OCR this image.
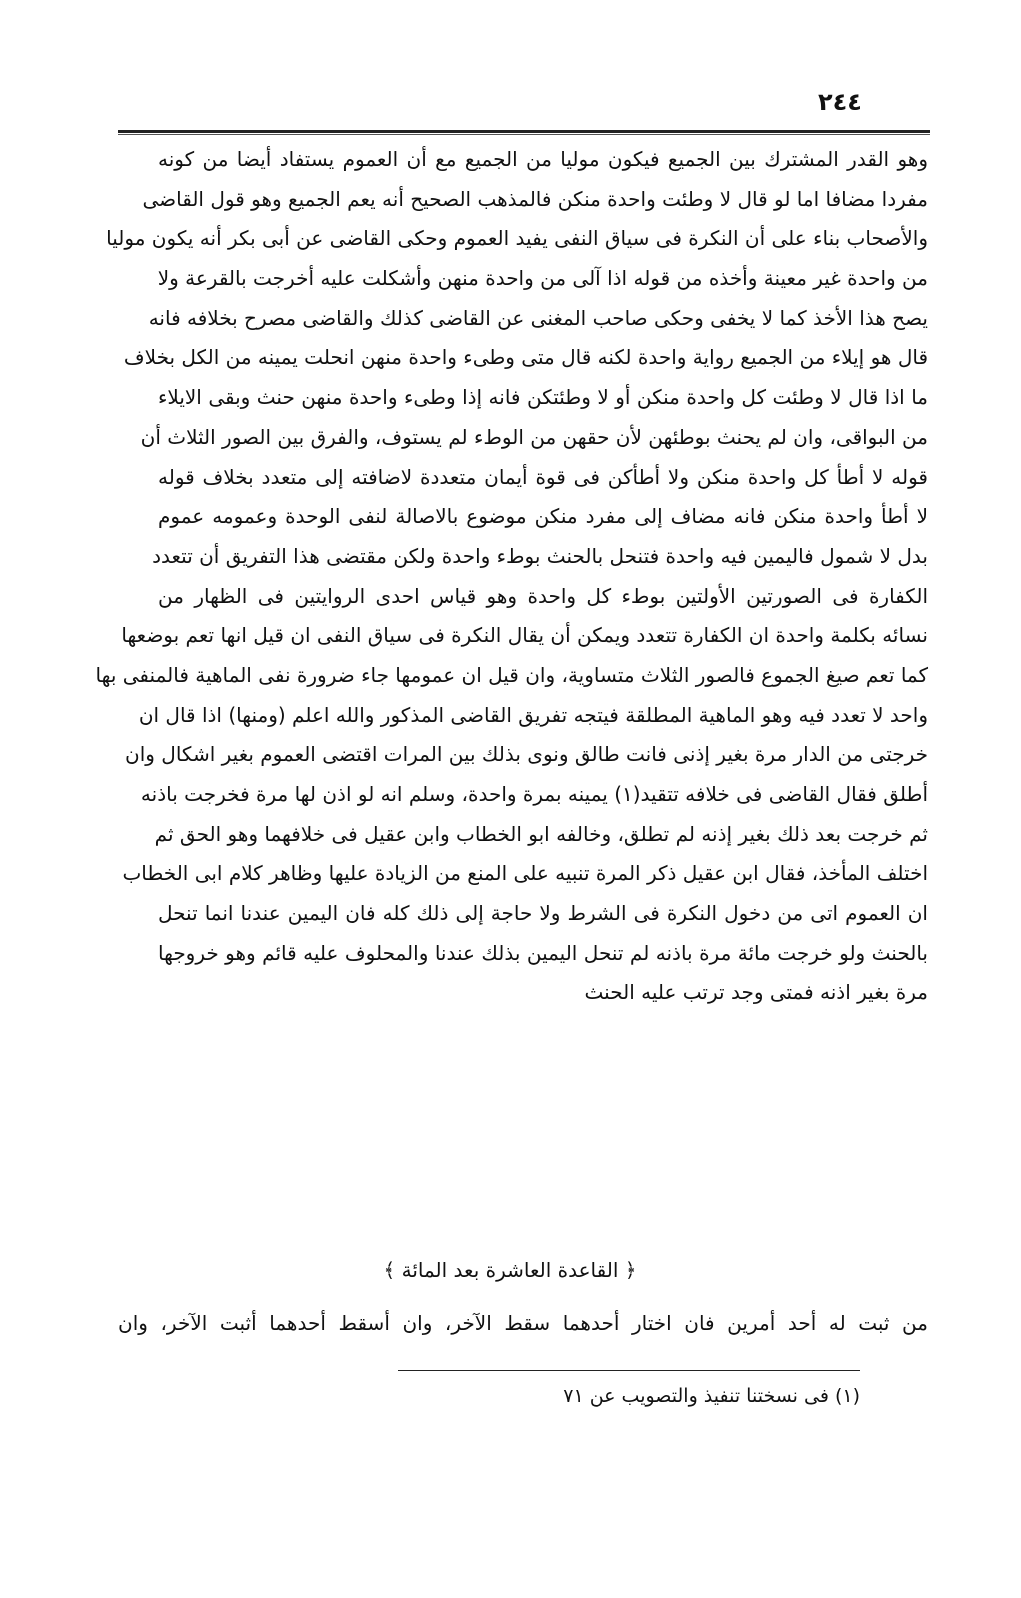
٢٤٤
وهو القدر المشترك بين الجميع فيكون موليا من الجميع مع أن العموم يستفاد أيضا من كونه
مفردا مضافا اما لو قال لا وطئت واحدة منكن فالمذهب الصحيح أنه يعم الجميع وهو قول القاضى
والأصحاب بناء على أن النكرة فى سياق النفى يفيد العموم وحكى القاضى عن أبى بكر أنه يكون موليا
من واحدة غير معينة وأخذه من قوله اذا آلى من واحدة منهن وأشكلت عليه أخرجت بالقرعة ولا
يصح هذا الأخذ كما لا يخفى وحكى صاحب المغنى عن القاضى كذلك والقاضى مصرح بخلافه فانه
قال هو إيلاء من الجميع رواية واحدة لكنه قال متى وطىء واحدة منهن انحلت يمينه من الكل بخلاف
ما اذا قال لا وطئت كل واحدة منكن أو لا وطئتكن فانه إذا وطىء واحدة منهن حنث وبقى الايلاء
من البواقى، وان لم يحنث بوطئهن لأن حقهن من الوطء لم يستوف، والفرق بين الصور الثلاث أن
قوله لا أطأ كل واحدة منكن ولا أطأكن فى قوة أيمان متعددة لاضافته إلى متعدد بخلاف قوله
لا أطأ واحدة منكن فانه مضاف إلى مفرد منكن موضوع بالاصالة لنفى الوحدة وعمومه عموم
بدل لا شمول فاليمين فيه واحدة فتنحل بالحنث بوطء واحدة ولكن مقتضى هذا التفريق أن تتعدد
الكفارة فى الصورتين الأولتين بوطء كل واحدة وهو قياس احدى الروايتين فى الظهار من
نسائه بكلمة واحدة ان الكفارة تتعدد ويمكن أن يقال النكرة فى سياق النفى ان قيل انها تعم بوضعها
كما تعم صيغ الجموع فالصور الثلاث متساوية، وان قيل ان عمومها جاء ضرورة نفى الماهية فالمنفى بها
واحد لا تعدد فيه وهو الماهية المطلقة فيتجه تفريق القاضى المذكور والله اعلم (ومنها) اذا قال ان
خرجتى من الدار مرة بغير إذنى فانت طالق ونوى بذلك بين المرات اقتضى العموم بغير اشكال وان
أطلق فقال القاضى فى خلافه تتقيد(١) يمينه بمرة واحدة، وسلم انه لو اذن لها مرة فخرجت باذنه
ثم خرجت بعد ذلك بغير إذنه لم تطلق، وخالفه ابو الخطاب وابن عقيل فى خلافهما وهو الحق ثم
اختلف المأخذ، فقال ابن عقيل ذكر المرة تنبيه على المنع من الزيادة عليها وظاهر كلام ابى الخطاب
ان العموم اتى من دخول النكرة فى الشرط ولا حاجة إلى ذلك كله فان اليمين عندنا انما تنحل
بالحنث ولو خرجت مائة مرة باذنه لم تنحل اليمين بذلك عندنا والمحلوف عليه قائم وهو خروجها
مرة بغير اذنه فمتى وجد ترتب عليه الحنث
﴿ القاعدة العاشرة بعد المائة ﴾
من ثبت له أحد أمرين فان اختار أحدهما سقط الآخر، وان أسقط أحدهما أثبت الآخر، وان
(١) فى نسختنا تنفيذ والتصويب عن ٧١
